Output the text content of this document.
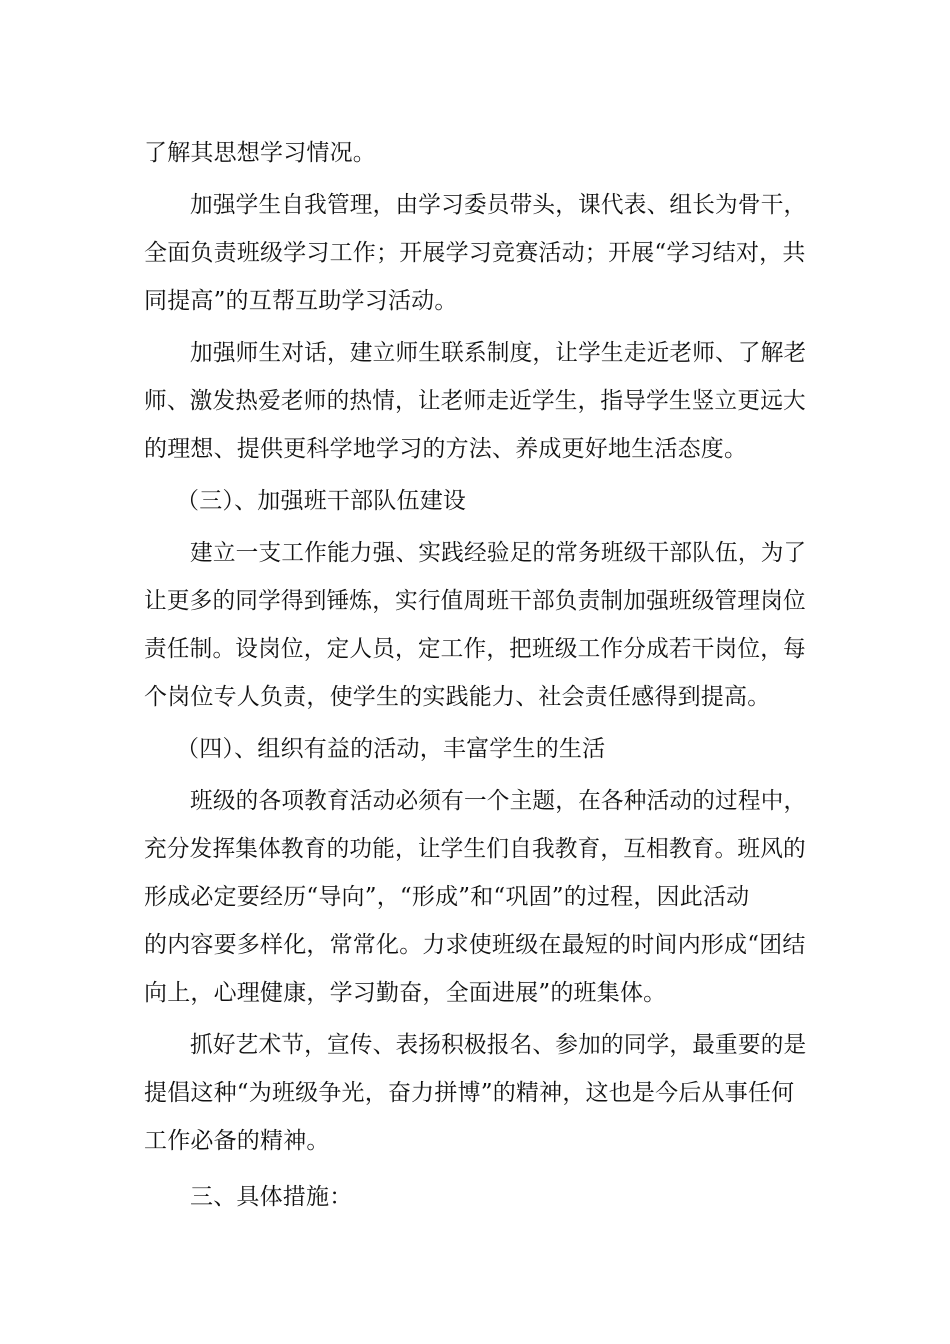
了解其思想学习情况。
加强学生自我管理，由学习委员带头，课代表、组长为骨干，
全面负责班级学习工作；开展学习竞赛活动；开展“学习结对，共
同提高”的互帮互助学习活动。
加强师生对话，建立师生联系制度，让学生走近老师、了解老
师、激发热爱老师的热情，让老师走近学生，指导学生竖立更远大
的理想、提供更科学地学习的方法、养成更好地生活态度。
（三）、加强班干部队伍建设
建立一支工作能力强、实践经验足的常务班级干部队伍，为了
让更多的同学得到锤炼，实行值周班干部负责制加强班级管理岗位
责任制。设岗位，定人员，定工作，把班级工作分成若干岗位，每
个岗位专人负责，使学生的实践能力、社会责任感得到提高。
（四）、组织有益的活动，丰富学生的生活
班级的各项教育活动必须有一个主题，在各种活动的过程中，
充分发挥集体教育的功能，让学生们自我教育，互相教育。班风的
形成必定要经历“导向”，“形成”和“巩固”的过程，因此活动
的内容要多样化，常常化。力求使班级在最短的时间内形成“团结
向上，心理健康，学习勤奋，全面进展”的班集体。
抓好艺术节，宣传、表扬积极报名、参加的同学，最重要的是
提倡这种“为班级争光，奋力拼博”的精神，这也是今后从事任何
工作必备的精神。
三、具体措施：
